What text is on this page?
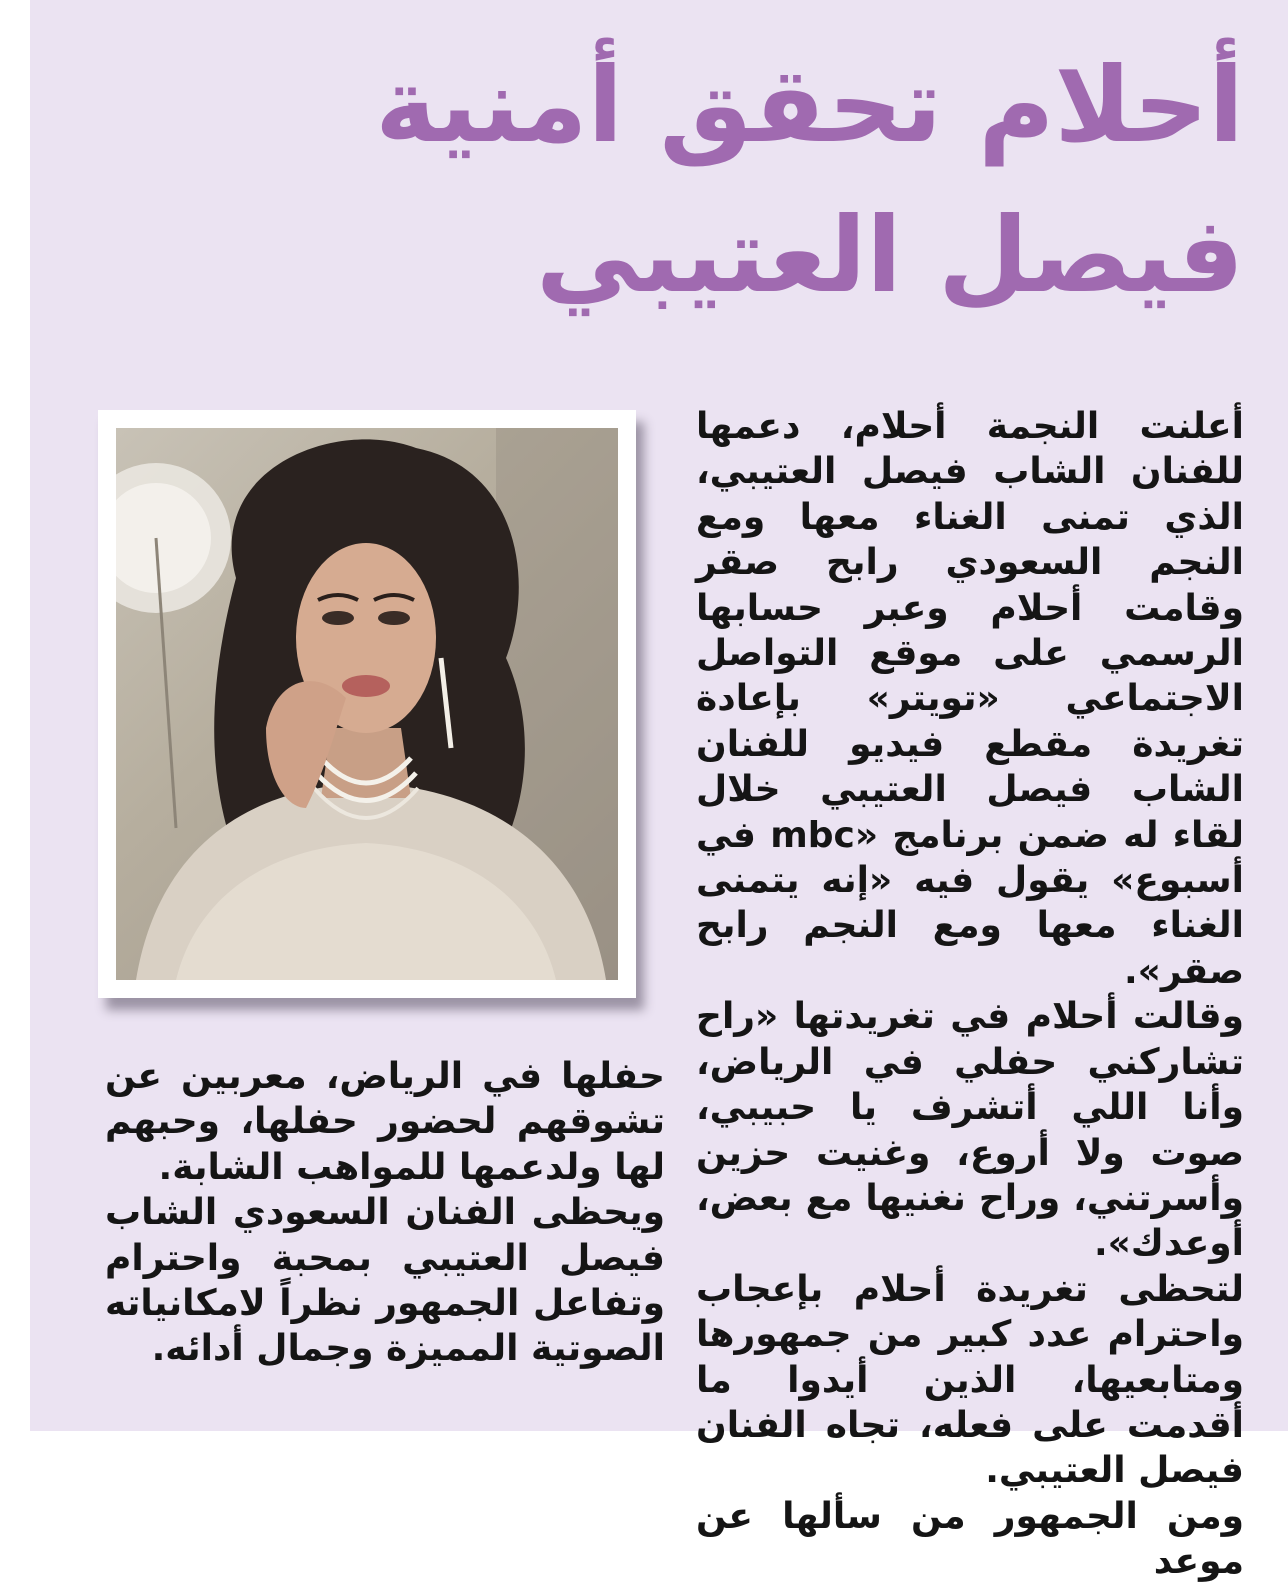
أحلام تحقق أمنية
فيصل العتيبي

أعلنت النجمة أحلام، دعمها للفنان الشاب فيصل العتيبي، الذي تمنى الغناء معها ومع النجم السعودي رابح صقر وقامت أحلام وعبر حسابها الرسمي على موقع التواصل الاجتماعي «تويتر» بإعادة تغريدة مقطع فيديو للفنان الشاب فيصل العتيبي خلال لقاء له ضمن برنامج «mbc في أسبوع» يقول فيه «إنه يتمنى الغناء معها ومع النجم رابح صقر».

وقالت أحلام في تغريدتها «راح تشاركني حفلي في الرياض، وأنا اللي أتشرف يا حبيبي، صوت ولا أروع، وغنيت حزين وأسرتني، وراح نغنيها مع بعض، أوعدك».

لتحظى تغريدة أحلام بإعجاب واحترام عدد كبير من جمهورها ومتابعيها، الذين أيدوا ما أقدمت على فعله، تجاه الفنان فيصل العتيبي.

ومن الجمهور من سألها عن موعد

حفلها في الرياض، معربين عن تشوقهم لحضور حفلها، وحبهم لها ولدعمها للمواهب الشابة.

ويحظى الفنان السعودي الشاب فيصل العتيبي بمحبة واحترام وتفاعل الجمهور نظراً لامكانياته الصوتية المميزة وجمال أدائه.
